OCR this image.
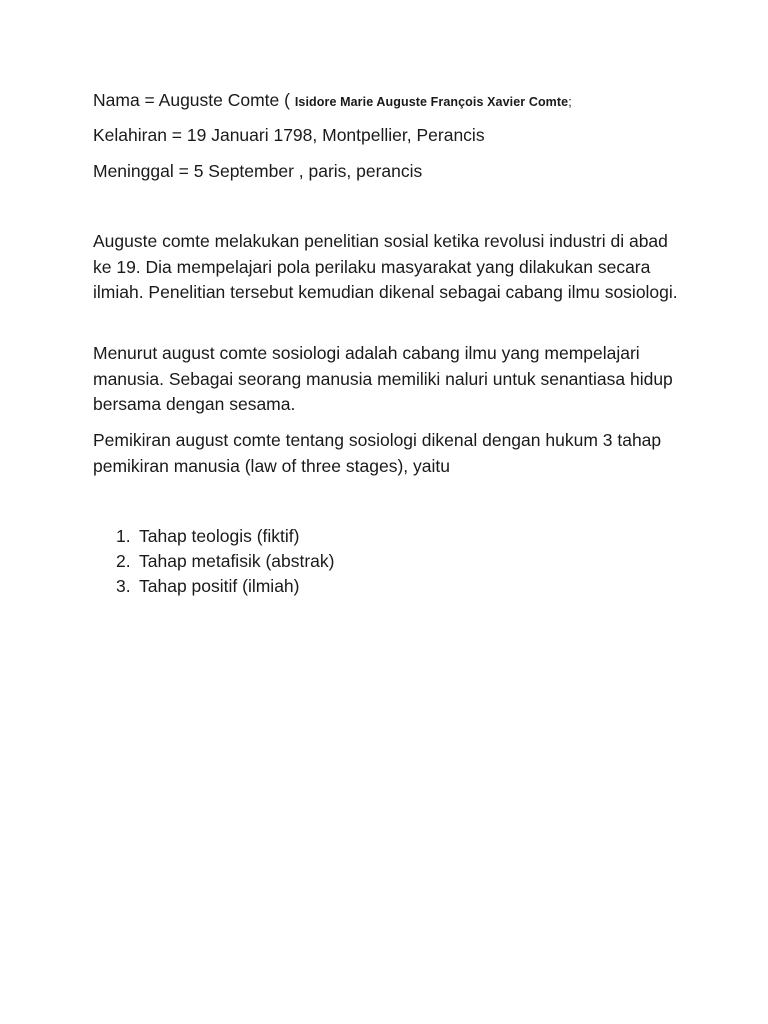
Nama = Auguste Comte ( Isidore Marie Auguste François Xavier Comte;
Kelahiran = 19 Januari 1798, Montpellier, Perancis
Meninggal = 5 September , paris, perancis

Auguste comte melakukan penelitian sosial ketika revolusi industri di abad ke 19. Dia mempelajari pola perilaku masyarakat yang dilakukan secara ilmiah. Penelitian tersebut kemudian dikenal sebagai cabang ilmu sosiologi.

Menurut august comte sosiologi adalah cabang ilmu yang mempelajari manusia. Sebagai seorang manusia memiliki naluri untuk senantiasa hidup bersama dengan sesama.

Pemikiran august comte tentang sosiologi dikenal dengan hukum 3 tahap pemikiran manusia (law of three stages), yaitu

1. Tahap teologis (fiktif)
2. Tahap metafisik (abstrak)
3. Tahap positif (ilmiah)
